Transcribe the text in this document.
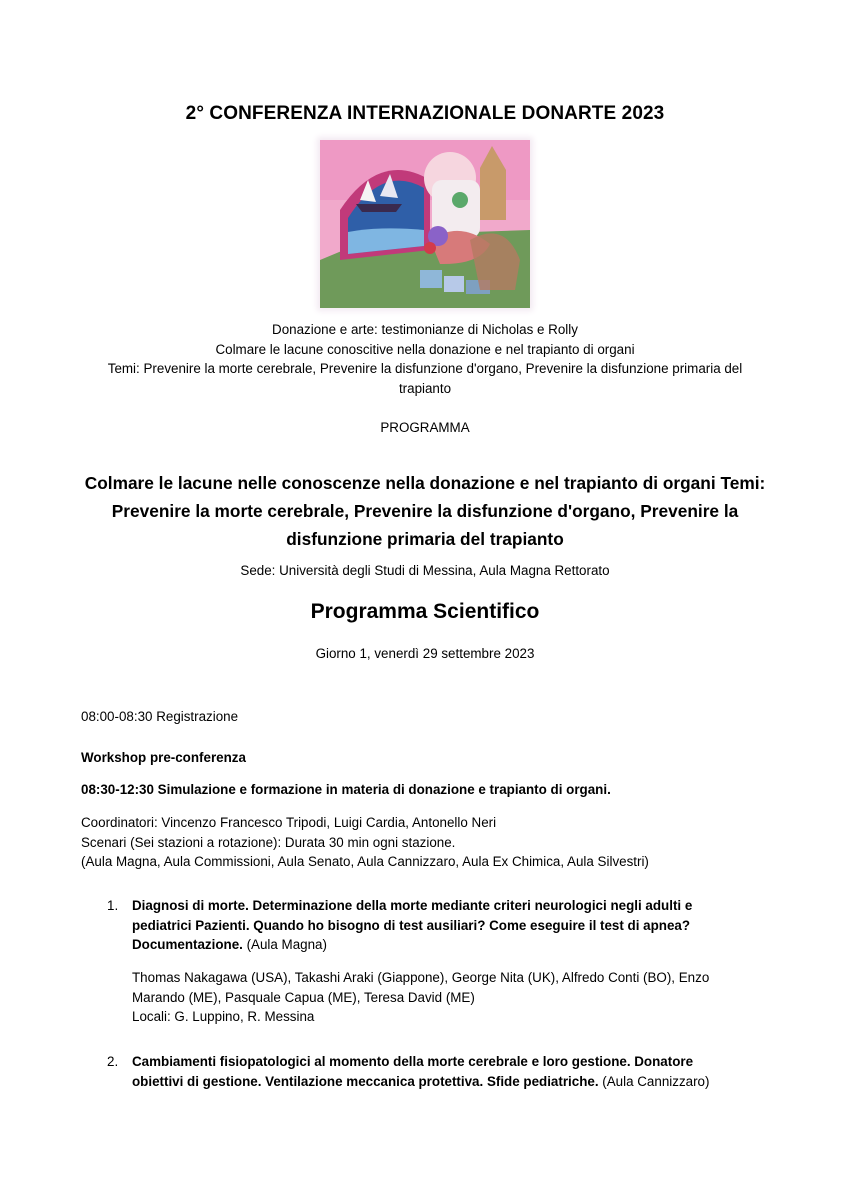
2° CONFERENZA INTERNAZIONALE DONARTE 2023
Donazione e arte: testimonianze di Nicholas e Rolly
Colmare le lacune conoscitive nella donazione e nel trapianto di organi
Temi: Prevenire la morte cerebrale, Prevenire la disfunzione d'organo, Prevenire la disfunzione primaria del
trapianto
PROGRAMMA
Colmare le lacune nelle conoscenze nella donazione e nel trapianto di organi Temi:
Prevenire la morte cerebrale, Prevenire la disfunzione d'organo, Prevenire la
disfunzione primaria del trapianto
Sede: Università degli Studi di Messina, Aula Magna Rettorato
Programma Scientifico
Giorno 1, venerdì 29 settembre 2023
08:00-08:30 Registrazione
Workshop pre-conferenza
08:30-12:30 Simulazione e formazione in materia di donazione e trapianto di organi.
Coordinatori: Vincenzo Francesco Tripodi, Luigi Cardia, Antonello Neri
Scenari (Sei stazioni a rotazione): Durata 30 min ogni stazione.
(Aula Magna, Aula Commissioni, Aula Senato, Aula Cannizzaro, Aula Ex Chimica, Aula Silvestri)
1. Diagnosi di morte. Determinazione della morte mediante criteri neurologici negli adulti e
pediatrici Pazienti. Quando ho bisogno di test ausiliari? Come eseguire il test di apnea?
Documentazione. (Aula Magna)
Thomas Nakagawa (USA), Takashi Araki (Giappone), George Nita (UK), Alfredo Conti (BO), Enzo
Marando (ME), Pasquale Capua (ME), Teresa David (ME)
Locali: G. Luppino, R. Messina
2. Cambiamenti fisiopatologici al momento della morte cerebrale e loro gestione. Donatore
obiettivi di gestione. Ventilazione meccanica protettiva. Sfide pediatriche. (Aula Cannizzaro)
